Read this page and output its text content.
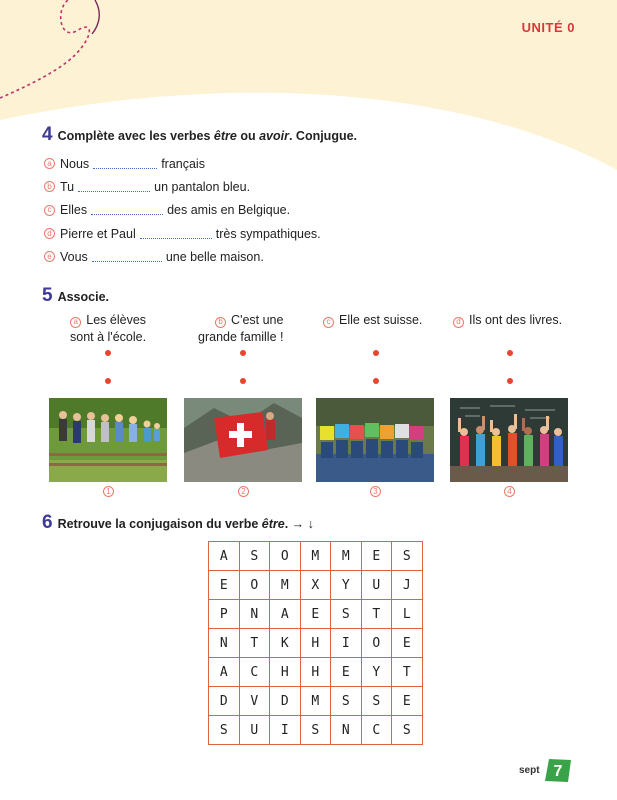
UNITÉ 0
4 Complète avec les verbes être ou avoir. Conjugue.
a Nous	français
b Tu	un pantalon bleu.
c Elles	des amis en Belgique.
d Pierre et Paul	très sympathiques.
e Vous	une belle maison.
5 Associe.
a Les élèves
sont à l'école.
b C'est une
grande famille !
c Elle est suisse.	d Ils ont des livres.
1	2	3	4
6 Retrouve la conjugaison du verbe être. → ↓
A	S	O	M	M	E	S
E	O	M	X	Y	U	J
P	N	A	E	S	T	L
N	T	K	H	I	O	E
A	C	H	H	E	Y	T
D	V	D	M	S	S	E
S	U	I	S	N	C	S
sept 7
